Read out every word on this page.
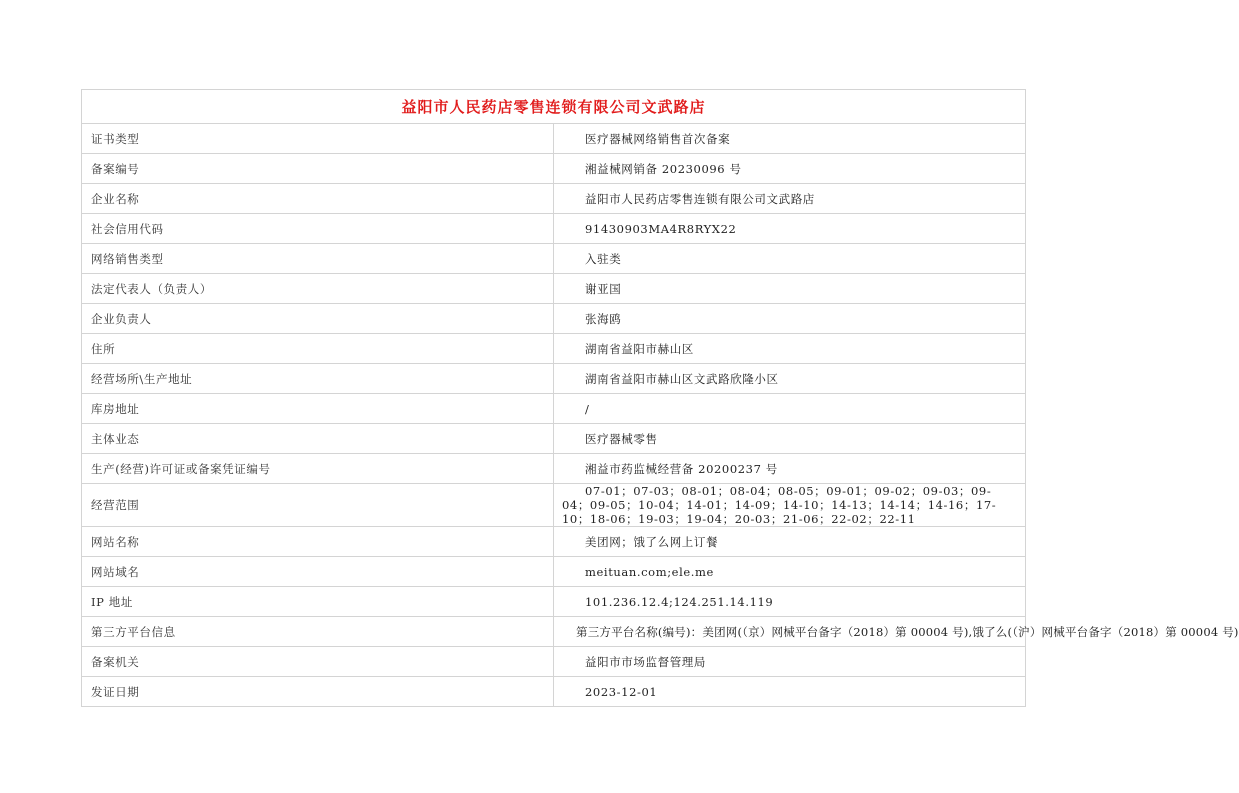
益阳市人民药店零售连锁有限公司文武路店	
证书类型	医疗器械网络销售首次备案
备案编号	湘益械网销备 20230096 号
企业名称	益阳市人民药店零售连锁有限公司文武路店
社会信用代码	91430903MA4R8RYX22
网络销售类型	入驻类
法定代表人（负责人）	谢亚国
企业负责人	张海鸥
住所	湖南省益阳市赫山区
经营场所\生产地址	湖南省益阳市赫山区文武路欣隆小区
库房地址	/
主体业态	医疗器械零售
生产(经营)许可证或备案凭证编号	湘益市药监械经营备 20200237 号
经营范围	07-01；07-03；08-01；08-04；08-05；09-01；09-02；09-03；09-04；09-05；10-04；14-01；14-09；14-10；14-13；14-14；14-16；17-10；18-06；19-03；19-04；20-03；21-06；22-02；22-11
网站名称	美团网；饿了么网上订餐
网站域名	meituan.com;ele.me
IP 地址	101.236.12.4;124.251.14.119
第三方平台信息	第三方平台名称(编号)：美团网(（京）网械平台备字（2018）第 00004 号),饿了么(（沪）网械平台备字（2018）第 00004 号)
备案机关	益阳市市场监督管理局
发证日期	2023-12-01
